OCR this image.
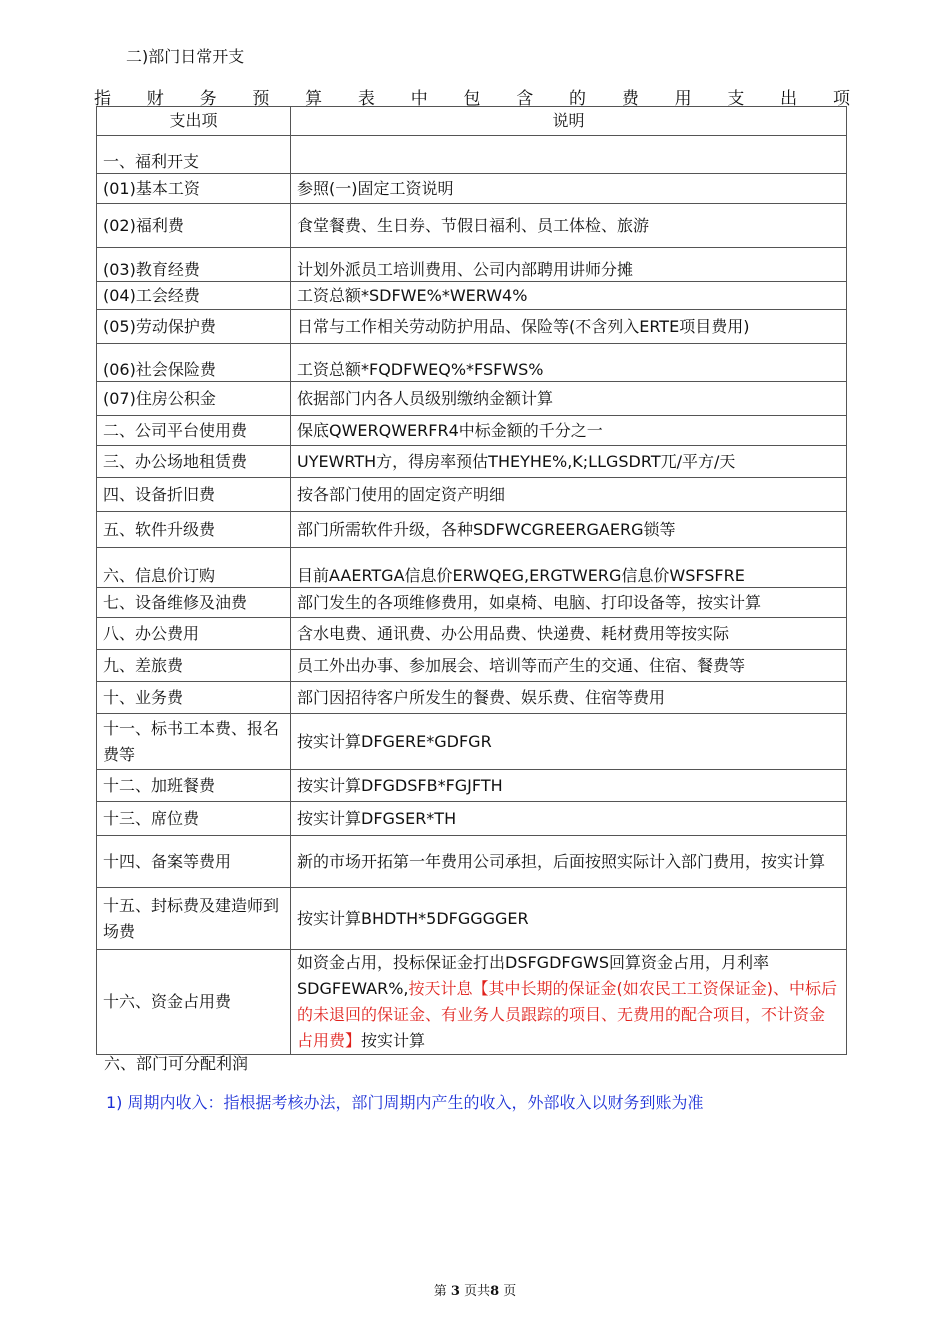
二)部门日常开支
指 财 务 预 算 表 中 包 含 的 费 用 支 出 项
支出项	说明
一、福利开支	
(01)基本工资	参照(一)固定工资说明
(02)福利费	食堂餐费、生日券、节假日福利、员工体检、旅游
(03)教育经费	计划外派员工培训费用、公司内部聘用讲师分摊
(04)工会经费	工资总额*SDFWE%*WERW4%
(05)劳动保护费	日常与工作相关劳动防护用品、保险等(不含列入ERTE项目费用)
(06)社会保险费	工资总额*FQDFWEQ%*FSFWS%
(07)住房公积金	依据部门内各人员级别缴纳金额计算
二、公司平台使用费	保底QWERQWERFR4中标金额的千分之一
三、办公场地租赁费	UYEWRTH方，得房率预估THEYHE%,K;LLGSDRT兀/平方/天
四、设备折旧费	按各部门使用的固定资产明细
五、软件升级费	部门所需软件升级，各种SDFWCGREERGAERG锁等
六、信息价订购	目前AAERTGA信息价ERWQEG,ERGTWERG信息价WSFSFRE
七、设备维修及油费	部门发生的各项维修费用，如桌椅、电脑、打印设备等，按实计算
八、办公费用	含水电费、通讯费、办公用品费、快递费、耗材费用等按实际
九、差旅费	员工外出办事、参加展会、培训等而产生的交通、住宿、餐费等
十、业务费	部门因招待客户所发生的餐费、娱乐费、住宿等费用
十一、标书工本费、报名费等	按实计算DFGERE*GDFGR
十二、加班餐费	按实计算DFGDSFB*FGJFTH
十三、席位费	按实计算DFGSER*TH
十四、备案等费用	新的市场开拓第一年费用公司承担，后面按照实际计入部门费用，按实计算
十五、封标费及建造师到场费	按实计算BHDTH*5DFGGGGER
十六、资金占用费	如资金占用，投标保证金打出DSFGDFGWS回算资金占用，月利率SDGFEWAR%,按天计息【其中长期的保证金(如农民工工资保证金)、中标后的未退回的保证金、有业务人员跟踪的项目、无费用的配合项目，不计资金占用费】按实计算
六、部门可分配利润
1) 周期内收入：指根据考核办法，部门周期内产生的收入，外部收入以财务到账为准
第 3 页共8 页
